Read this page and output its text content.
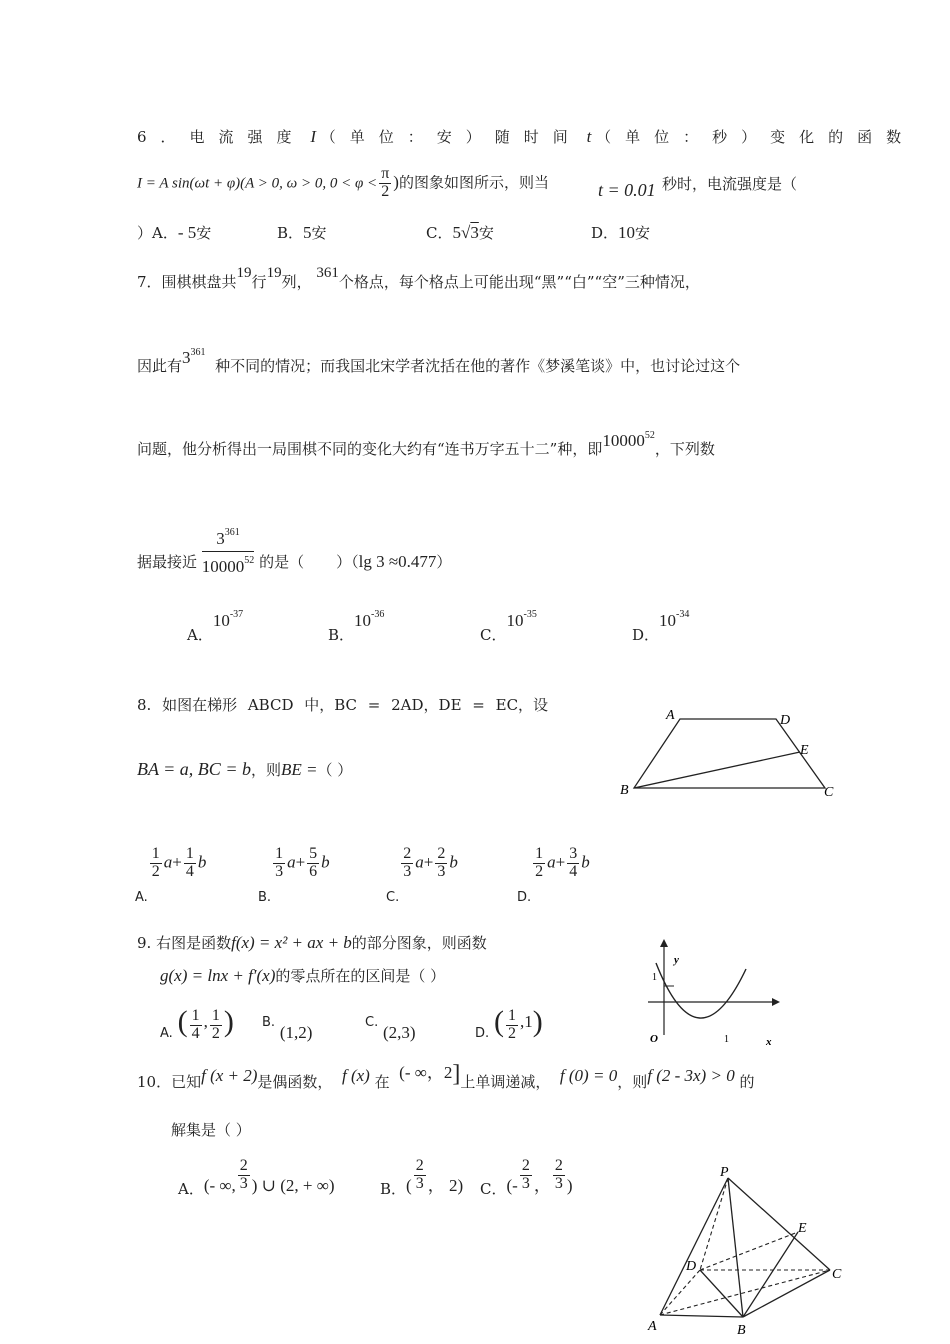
6．电流强度 I （单位：安）随时间 t （单位：秒）变化的函数
I = A sin(ωt + φ)(A > 0, ω > 0, $0 < \varphi < \frac{\pi}{2}$ )的图象如图所示，则当	t = 0.01 秒时，电流强度是（
）A．- 5安	B．5安	C．5√3安	D．10安
7．围棋棋盘共19行19列， 361个格点，每个格点上可能出现“黑”“白”“空”三种情况，
因此有$3^{361}$  种不同的情况；而我国北宋学者沈括在他的著作《梦溪笔谈》中，也讨论过这个
问题，他分析得出一局围棋不同的变化大约有“连书万字五十二”种，即10000$^{52}$，下列数
据最接近 $\frac{3^{361}}{10000^{52}}$ 的是（ ）（lg 3 ≈0.477）
A．$10^{-37}$
B．$10^{-36}$
C．$10^{-35}$
D．$10^{-34}$
8. 如图在梯形 ABCD 中，BC = 2AD，DE = EC，设
BA = a, BC = b，则BE =（ ）
A	D
E
B	C
A.
$\frac{1}{2} a+ \frac{1}{4}$ b
B.
$\frac{1}{3} a+ \frac{5}{6}$ b
C.
$\frac{2}{3} a+ \frac{2}{3}$ b
D.
$\frac{1}{2} a+ \frac{3}{4}$ b
9. 右图是函数f(x) = x² + ax + b的部分图象，则函数
g(x) = lnx + f′(x)的零点所在的区间是（ ）
A. ( $\frac{1}{4}$ , $\frac{1}{2}$ ) B. (1,2)
C. (2,3)	D. ( $\frac{1}{2} ,1$)
y
1
O	1	x
10．已知f (x + 2)是偶函数， f (x) 在 (- ∞，2]上单调递减， f (0) = 0，则f (2 - 3x) > 0 的
解集是（ ）
A．(- ∞, $\frac{2}{3}$ ) ∪ (2, + ∞)	B．( $\frac{2}{3}$ ， 2) C．(- $\frac{2}{3}$ ， $\frac{2}{3}$ )
P
E
D
C
A	B
